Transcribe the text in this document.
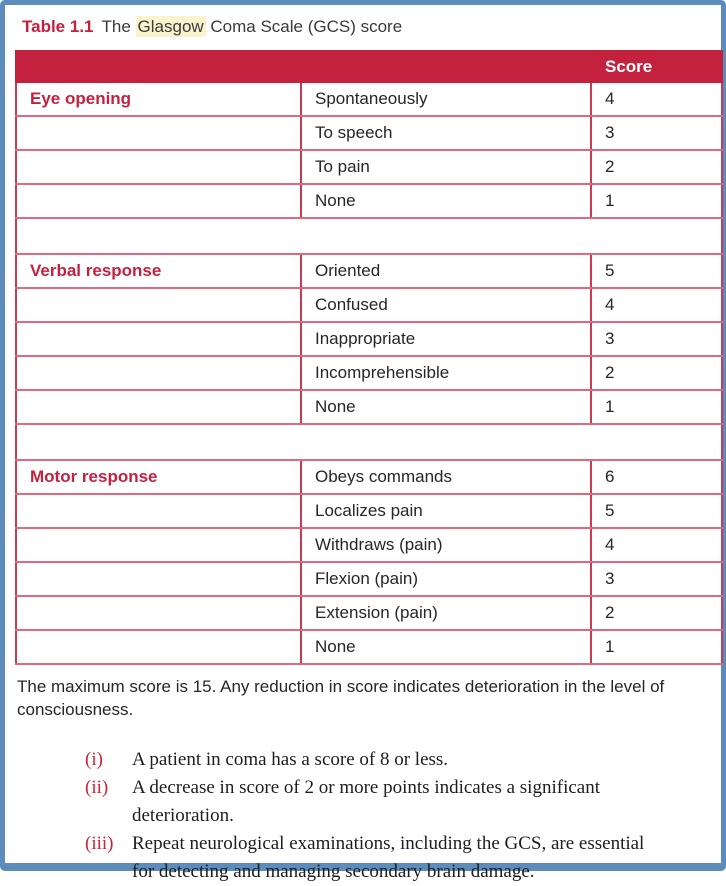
Table 1.1 The Glasgow Coma Scale (GCS) score
		Score
Eye opening	Spontaneously	4
	To speech	3
	To pain	2
	None	1

Verbal response	Oriented	5
	Confused	4
	Inappropriate	3
	Incomprehensible	2
	None	1

Motor response	Obeys commands	6
	Localizes pain	5
	Withdraws (pain)	4
	Flexion (pain)	3
	Extension (pain)	2
	None	1
The maximum score is 15. Any reduction in score indicates deterioration in the level of consciousness.
(i)	A patient in coma has a score of 8 or less.
(ii)	A decrease in score of 2 or more points indicates a significant deterioration.
(iii) Repeat neurological examinations, including the GCS, are essential for detecting and managing secondary brain damage.
